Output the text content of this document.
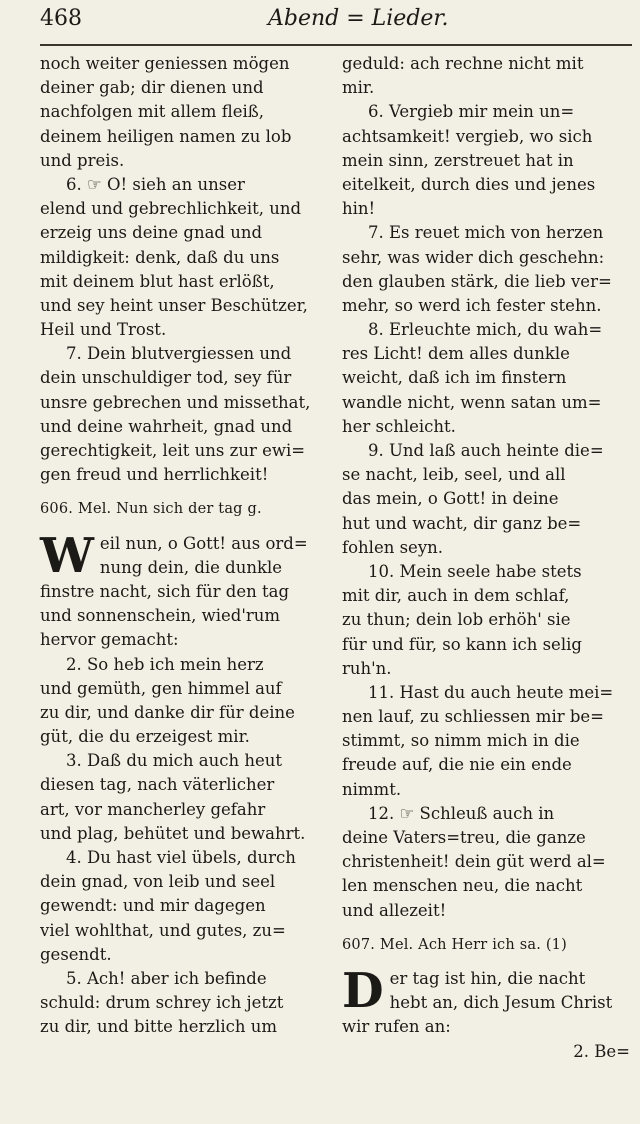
468	Abend = Lieder.
noch weiter geniessen mögen
deiner gab; dir dienen und
nachfolgen mit allem fleiß,
deinem heiligen namen zu lob
und preis.
6. ☞ O! sieh an unser
elend und gebrechlichkeit, und
erzeig uns deine gnad und
mildigkeit: denk, daß du uns
mit deinem blut hast erlößt,
und sey heint unser Beschützer,
Heil und Trost.
7. Dein blutvergiessen und
dein unschuldiger tod, sey für
unsre gebrechen und missethat,
und deine wahrheit, gnad und
gerechtigkeit, leit uns zur ewi=
gen freud und herrlichkeit!
606. Mel. Nun sich der tag g.
W eil nun, o Gott! aus ord=
nung dein, die dunkle
finstre nacht, sich für den tag
und sonnenschein, wied'rum
hervor gemacht:
2. So heb ich mein herz
und gemüth, gen himmel auf
zu dir, und danke dir für deine
güt, die du erzeigest mir.
3. Daß du mich auch heut
diesen tag, nach väterlicher
art, vor mancherley gefahr
und plag, behütet und bewahrt.
4. Du hast viel übels, durch
dein gnad, von leib und seel
gewendt: und mir dagegen
viel wohlthat, und gutes, zu=
gesendt.
5. Ach! aber ich befinde
schuld: drum schrey ich jetzt
zu dir, und bitte herzlich um
geduld: ach rechne nicht mit
mir.
6. Vergieb mir mein un=
achtsamkeit! vergieb, wo sich
mein sinn, zerstreuet hat in
eitelkeit, durch dies und jenes
hin!
7. Es reuet mich von herzen
sehr, was wider dich geschehn:
den glauben stärk, die lieb ver=
mehr, so werd ich fester stehn.
8. Erleuchte mich, du wah=
res Licht! dem alles dunkle
weicht, daß ich im finstern
wandle nicht, wenn satan um=
her schleicht.
9. Und laß auch heinte die=
se nacht, leib, seel, und all
das mein, o Gott! in deine
hut und wacht, dir ganz be=
fohlen seyn.
10. Mein seele habe stets
mit dir, auch in dem schlaf,
zu thun; dein lob erhöh' sie
für und für, so kann ich selig
ruh'n.
11. Hast du auch heute mei=
nen lauf, zu schliessen mir be=
stimmt, so nimm mich in die
freude auf, die nie ein ende
nimmt.
12. ☞ Schleuß auch in
deine Vaters=treu, die ganze
christenheit! dein güt werd al=
len menschen neu, die nacht
und allezeit!
607. Mel. Ach Herr ich sa. (1)
D er tag ist hin, die nacht
hebt an, dich Jesum Christ
wir rufen an:
2. Be=
